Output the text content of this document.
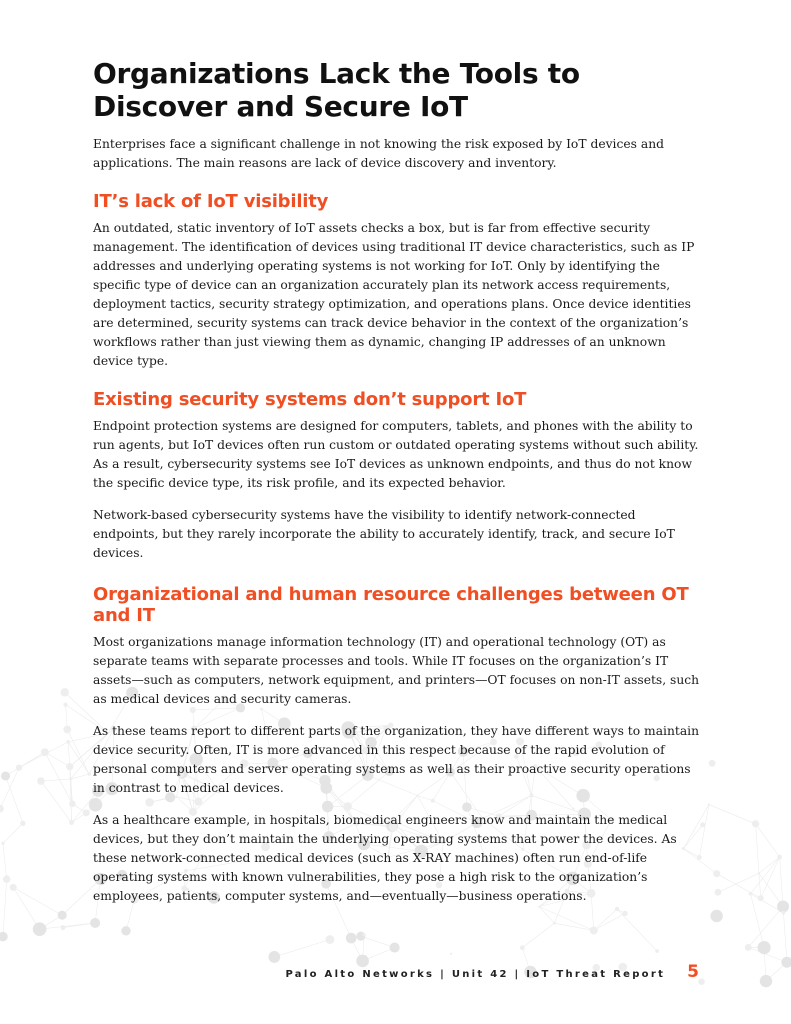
Organizations Lack the Tools to Discover and Secure IoT

Enterprises face a significant challenge in not knowing the risk exposed by IoT devices and applications. The main reasons are lack of device discovery and inventory.

IT’s lack of IoT visibility

An outdated, static inventory of IoT assets checks a box, but is far from effective security management. The identification of devices using traditional IT device characteristics, such as IP addresses and underlying operating systems is not working for IoT. Only by identifying the specific type of device can an organization accurately plan its network access requirements, deployment tactics, security strategy optimization, and operations plans. Once device identities are determined, security systems can track device behavior in the context of the organization’s workflows rather than just viewing them as dynamic, changing IP addresses of an unknown device type.

Existing security systems don’t support IoT

Endpoint protection systems are designed for computers, tablets, and phones with the ability to run agents, but IoT devices often run custom or outdated operating systems without such ability. As a result, cybersecurity systems see IoT devices as unknown endpoints, and thus do not know the specific device type, its risk profile, and its expected behavior.

Network-based cybersecurity systems have the visibility to identify network-connected endpoints, but they rarely incorporate the ability to accurately identify, track, and secure IoT devices.

Organizational and human resource challenges between OT and IT

Most organizations manage information technology (IT) and operational technology (OT) as separate teams with separate processes and tools. While IT focuses on the organization’s IT assets—such as computers, network equipment, and printers—OT focuses on non-IT assets, such as medical devices and security cameras.

As these teams report to different parts of the organization, they have different ways to maintain device security. Often, IT is more advanced in this respect because of the rapid evolution of personal computers and server operating systems as well as their proactive security operations in contrast to medical devices.

As a healthcare example, in hospitals, biomedical engineers know and maintain the medical devices, but they don’t maintain the underlying operating systems that power the devices. As these network-connected medical devices (such as X-RAY machines) often run end-of-life operating systems with known vulnerabilities, they pose a high risk to the organization’s employees, patients, computer systems, and—eventually—business operations.

Palo Alto Networks | Unit 42 | IoT Threat Report 5
